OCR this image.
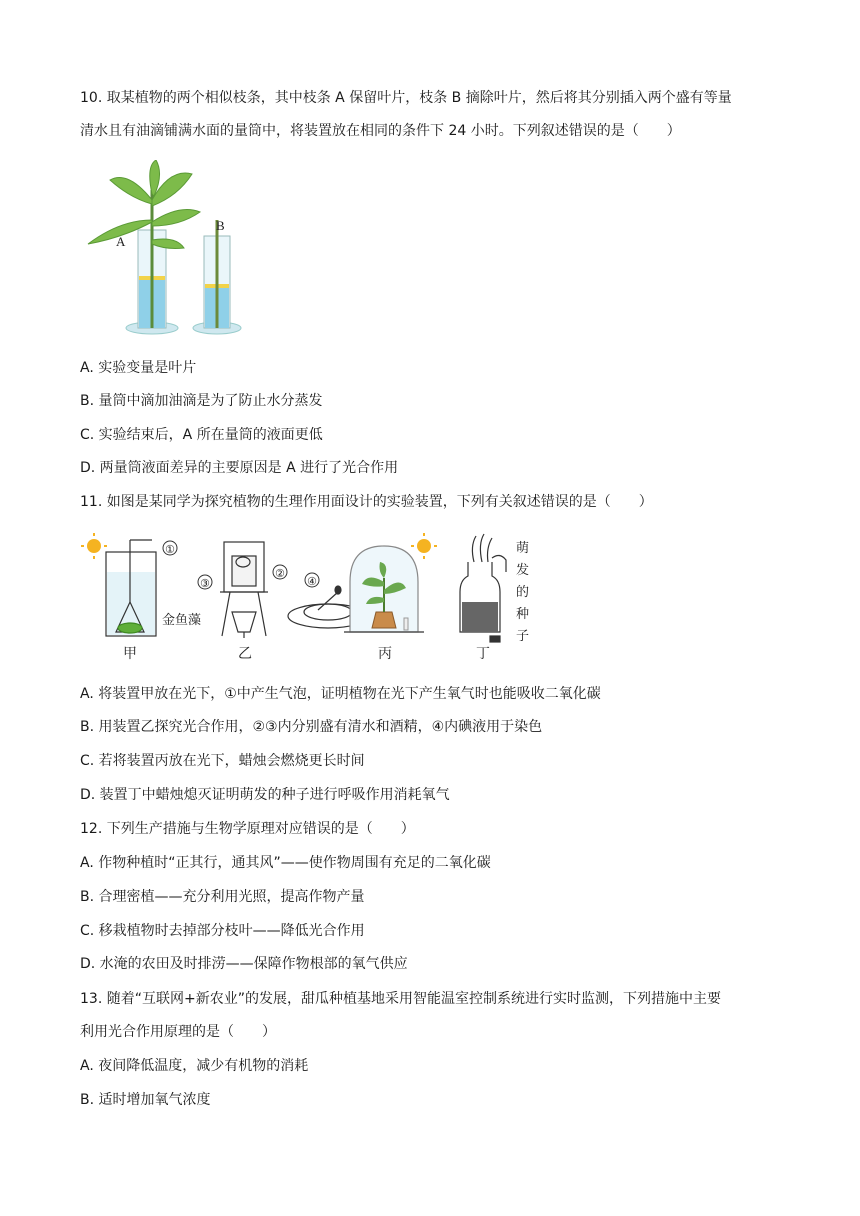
10. 取某植物的两个相似枝条，其中枝条 A 保留叶片，枝条 B 摘除叶片，然后将其分别插入两个盛有等量
清水且有油滴铺满水面的量筒中，将装置放在相同的条件下 24 小时。下列叙述错误的是（　　）
A
B
A. 实验变量是叶片
B. 量筒中滴加油滴是为了防止水分蒸发
C. 实验结束后，A 所在量筒的液面更低
D. 两量筒液面差异的主要原因是 A 进行了光合作用
11. 如图是某同学为探究植物的生理作用面设计的实验装置，下列有关叙述错误的是（　　）
①
金鱼藻
甲
②
③
乙
④
丙
萌
发
的
种
子
丁
A. 将装置甲放在光下，①中产生气泡，证明植物在光下产生氧气时也能吸收二氧化碳
B. 用装置乙探究光合作用，②③内分别盛有清水和酒精，④内碘液用于染色
C. 若将装置丙放在光下，蜡烛会燃烧更长时间
D. 装置丁中蜡烛熄灭证明萌发的种子进行呼吸作用消耗氧气
12. 下列生产措施与生物学原理对应错误的是（　　）
A. 作物种植时“正其行，通其风”——使作物周围有充足的二氧化碳
B. 合理密植——充分利用光照，提高作物产量
C. 移栽植物时去掉部分枝叶——降低光合作用
D. 水淹的农田及时排涝——保障作物根部的氧气供应
13. 随着“互联网+新农业”的发展，甜瓜种植基地采用智能温室控制系统进行实时监测，下列措施中主要
利用光合作用原理的是（　　）
A. 夜间降低温度，减少有机物的消耗
B. 适时增加氧气浓度
